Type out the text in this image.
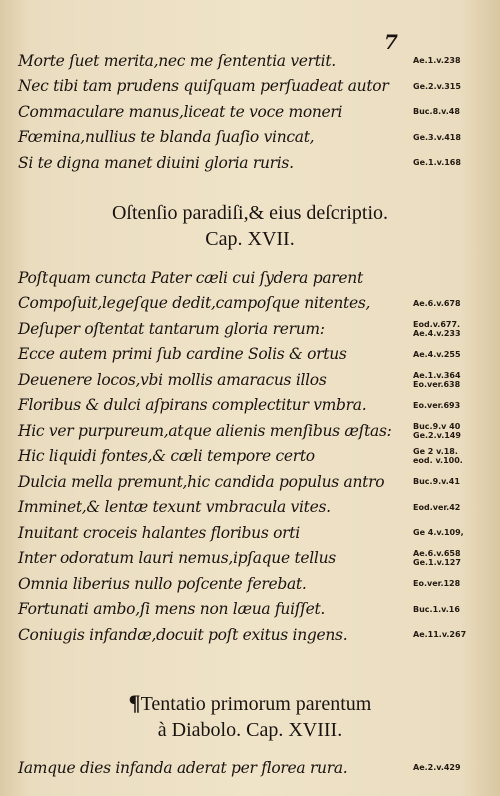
7
Morte ſuet merita,nec me ſententia vertit.	Ae.1.v.238
Nec tibi tam prudens quiſquam perſuadeat autor	Ge.2.v.315
Commaculare manus,liceat te voce moneri	Buc.8.v.48
Fœmina,nullius te blanda ſuaſio vincat,	Ge.3.v.418
Si te digna manet diuini gloria ruris.	Ge.1.v.168
Oſtenſio paradiſi,& eius deſcriptio.
Cap. XVII.
Poſtquam cuncta Pater cæli cui ſydera parent
Compoſuit,legeſque dedit,campoſque nitentes,	Ae.6.v.678
Deſuper oſtentat tantarum gloria rerum:	Eod.v.677.
Ae.4.v.233
Ecce autem primi ſub cardine Solis & ortus	Ae.4.v.255
Deuenere locos,vbi mollis amaracus illos	Ae.1.v.364
Eo.ver.638
Floribus & dulci aſpirans complectitur vmbra.	Eo.ver.693
Hic ver purpureum,atque alienis menſibus æſtas:	Buc.9.v 40
Ge.2.v.149
Hic liquidi fontes,& cæli tempore certo	Ge 2 v.18.
eod. v.100.
Dulcia mella premunt,hic candida populus antro	Buc.9.v.41
Imminet,& lentæ texunt vmbracula vites.	Eod.ver.42
Inuitant croceis halantes floribus orti	Ge 4.v.109,
Inter odoratum lauri nemus,ipſaque tellus	Ae.6.v.658
Ge.1.v.127
Omnia liberius nullo poſcente ferebat.	Eo.ver.128
Fortunati ambo,ſi mens non læua fuiſſet.	Buc.1.v.16
Coniugis infandæ,docuit poſt exitus ingens.	Ae.11.v.267
¶Tentatio primorum parentum
à Diabolo. Cap. XVIII.
Iamque dies infanda aderat per florea rura.	Ae.2.v.429
